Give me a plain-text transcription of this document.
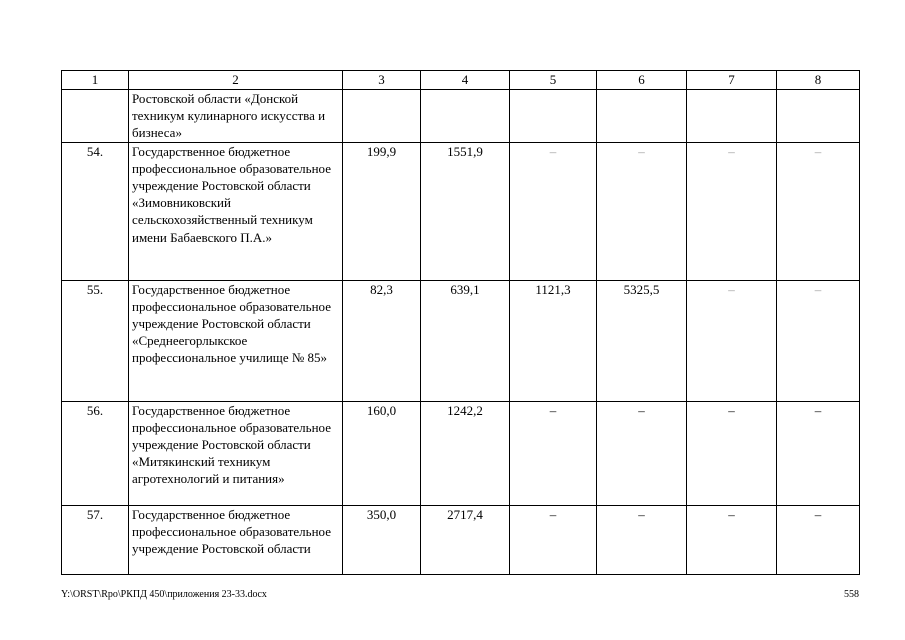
1	2	3	4	5	6	7	8
	Ростовской области «Донской техникум кулинарного искусства и бизнеса»						
54.	Государственное бюджетное профессиональное образовательное учреждение Ростовской области «Зимовниковский сельскохозяйственный техникум имени Бабаевского П.А.»	199,9	1551,9	–	–	–	–
55.	Государственное бюджетное профессиональное образовательное учреждение Ростовской области «Среднеегорлыкское профессиональное училище № 85»	82,3	639,1	1121,3	5325,5	–	–
56.	Государственное бюджетное профессиональное образовательное учреждение Ростовской области «Митякинский техникум агротехнологий и питания»	160,0	1242,2	–	–	–	–
57.	Государственное бюджетное профессиональное образовательное учреждение Ростовской области	350,0	2717,4	–	–	–	–
Y:\ORST\Rpo\РКПД 450\приложения 23-33.docx	558
